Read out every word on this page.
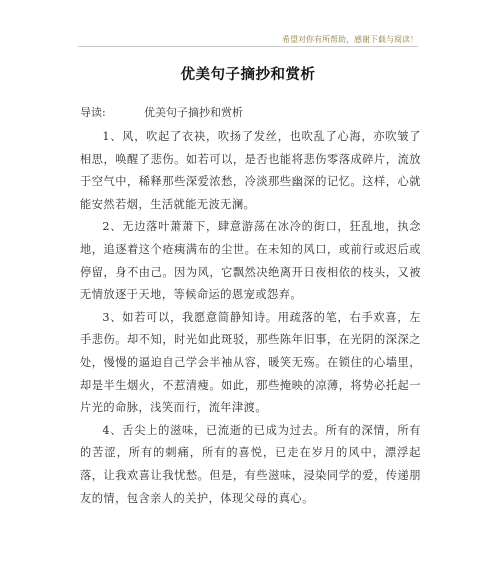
希望对你有所帮助，感谢下载与阅读！
优美句子摘抄和赏析
导读:	优美句子摘抄和赏析

1、风，吹起了衣袂，吹扬了发丝，也吹乱了心海，亦吹皱了相思，唤醒了悲伤。如若可以，是否也能将悲伤零落成碎片，流放于空气中，稀释那些深爱浓愁，冷淡那些幽深的记忆。这样，心就能安然若烟，生活就能无波无澜。

2、无边落叶萧萧下，肆意游荡在冰冷的街口，狂乱地，执念地，追逐着这个疮痍满布的尘世。在未知的风口，或前行或迟后或停留，身不由己。因为风，它飘然决绝离开日夜相依的枝头，又被无情放逐于天地，等候命运的恩宠或怨弃。

3、如若可以，我愿意简静知诗。用疏落的笔，右手欢喜，左手悲伤。却不知，时光如此斑驳，那些陈年旧事，在光阴的深深之处，慢慢的逼迫自己学会半袖从容，暖笑无殇。在锁住的心墙里，却是半生烟火，不惹清瘦。如此，那些掩映的凉薄，将势必托起一片光的命脉，浅笑而行，流年津渡。

4、舌尖上的滋味，已流逝的已成为过去。所有的深情，所有的苦涩，所有的刺痛，所有的喜悦，已走在岁月的风中，漂浮起落，让我欢喜让我忧愁。但是，有些滋味，浸染同学的爱，传递朋友的情，包含亲人的关护，体现父母的真心。
